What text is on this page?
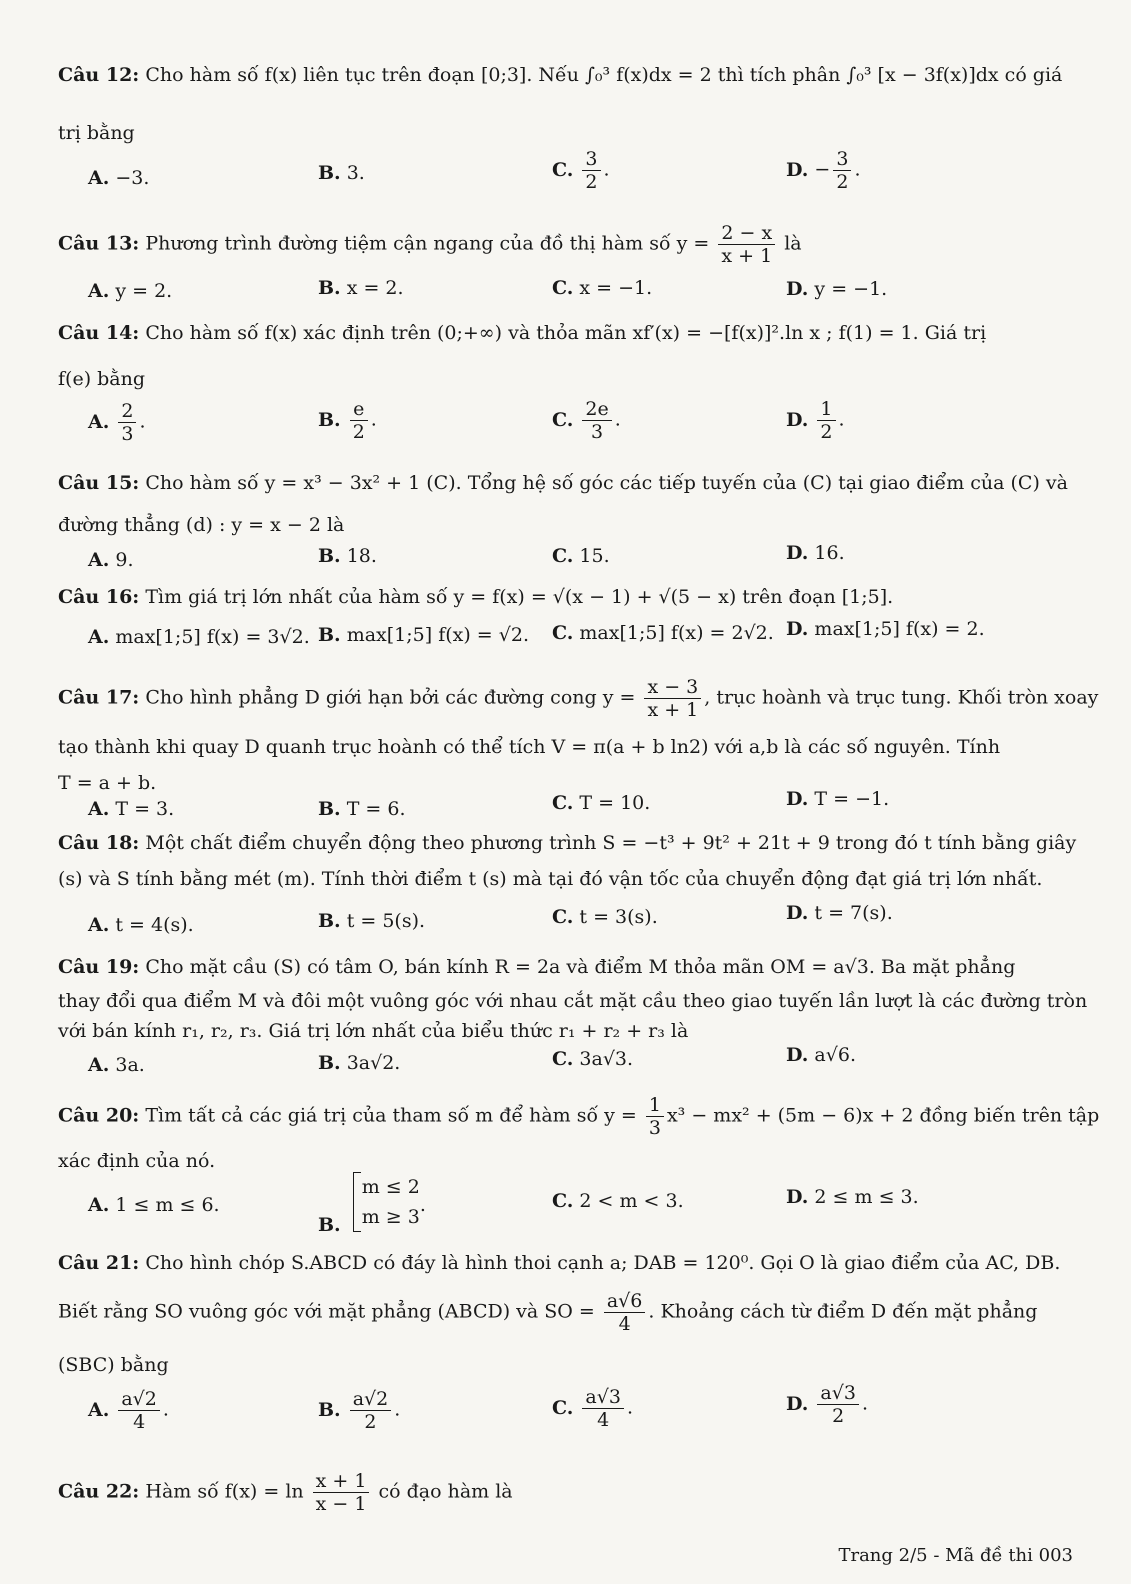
Câu 12: Cho hàm số f(x) liên tục trên đoạn [0;3]. Nếu ∫₀³ f(x)dx = 2 thì tích phân ∫₀³ [x − 3f(x)]dx có giá
trị bằng
A. −3.	B. 3.	C. $\frac{3}{2}$ .	D. − $\frac{3}{2}$ .
Câu 13: Phương trình đường tiệm cận ngang của đồ thị hàm số $y = \frac{2 - x}{x + 1}$ là
A. y = 2.	B. x = 2.	C. x = −1.	D. y = −1.
Câu 14: Cho hàm số f(x) xác định trên (0;+∞) và thỏa mãn xf′(x) = −[f(x)]².ln x ; f(1) = 1. Giá trị
f(e) bằng
A. $\frac{2}{3}$ .	B. $\frac{e}{2}$ .	C. $\frac{2e}{3}$ .	D. $\frac{1}{2}$ .
Câu 15: Cho hàm số y = x³ − 3x² + 1 (C). Tổng hệ số góc các tiếp tuyến của (C) tại giao điểm của (C) và
đường thẳng (d) : y = x − 2 là
A. 9.	B. 18.	C. 15.	D. 16.
Câu 16: Tìm giá trị lớn nhất của hàm số y = f(x) = √(x − 1) + √(5 − x) trên đoạn [1;5].
A. max[1;5] f(x) = 3√2. B. max[1;5] f(x) = √2. C. max[1;5] f(x) = 2√2. D. max[1;5] f(x) = 2.
Câu 17: Cho hình phẳng D giới hạn bởi các đường cong $y = \frac{x - 3}{x + 1}$ , trục hoành và trục tung. Khối tròn xoay
tạo thành khi quay D quanh trục hoành có thể tích V = π(a + b ln2) với a,b là các số nguyên. Tính
T = a + b.
A. T = 3.	B. T = 6.	C. T = 10.	D. T = −1.
Câu 18: Một chất điểm chuyển động theo phương trình S = −t³ + 9t² + 21t + 9 trong đó t tính bằng giây
(s) và S tính bằng mét (m). Tính thời điểm t (s) mà tại đó vận tốc của chuyển động đạt giá trị lớn nhất.
A. t = 4(s).	B. t = 5(s).	C. t = 3(s).	D. t = 7(s).
Câu 19: Cho mặt cầu (S) có tâm O, bán kính R = 2a và điểm M thỏa mãn OM = a√3. Ba mặt phẳng
thay đổi qua điểm M và đôi một vuông góc với nhau cắt mặt cầu theo giao tuyến lần lượt là các đường tròn
với bán kính r₁, r₂, r₃. Giá trị lớn nhất của biểu thức r₁ + r₂ + r₃ là
A. 3a.	B. 3a√2.	C. 3a√3.	D. a√6.
Câu 20: Tìm tất cả các giá trị của tham số m để hàm số $y = \frac{1}{3} x^3 - mx^2 + (5m - 6)x + 2$ đồng biến trên tập
xác định của nó.
A. 1 ≤ m ≤ 6.
B.
m ≤ 2
m ≥ 3
.	C. 2 < m < 3.	D. 2 ≤ m ≤ 3.
Câu 21: Cho hình chóp S.ABCD có đáy là hình thoi cạnh a; DAB = 120⁰. Gọi O là giao điểm của AC, DB.
Biết rằng SO vuông góc với mặt phẳng (ABCD) và SO = $\frac{a√6}{4}$ . Khoảng cách từ điểm D đến mặt phẳng
(SBC) bằng
A. $\frac{a√2}{4}$ .	B. $\frac{a√2}{2}$ .	C. $\frac{a√3}{4}$ .	D. $\frac{a√3}{2}$ .
Câu 22: Hàm số $f(x) = \ln \frac{x + 1}{x - 1}$ có đạo hàm là
Trang 2/5 - Mã đề thi 003
